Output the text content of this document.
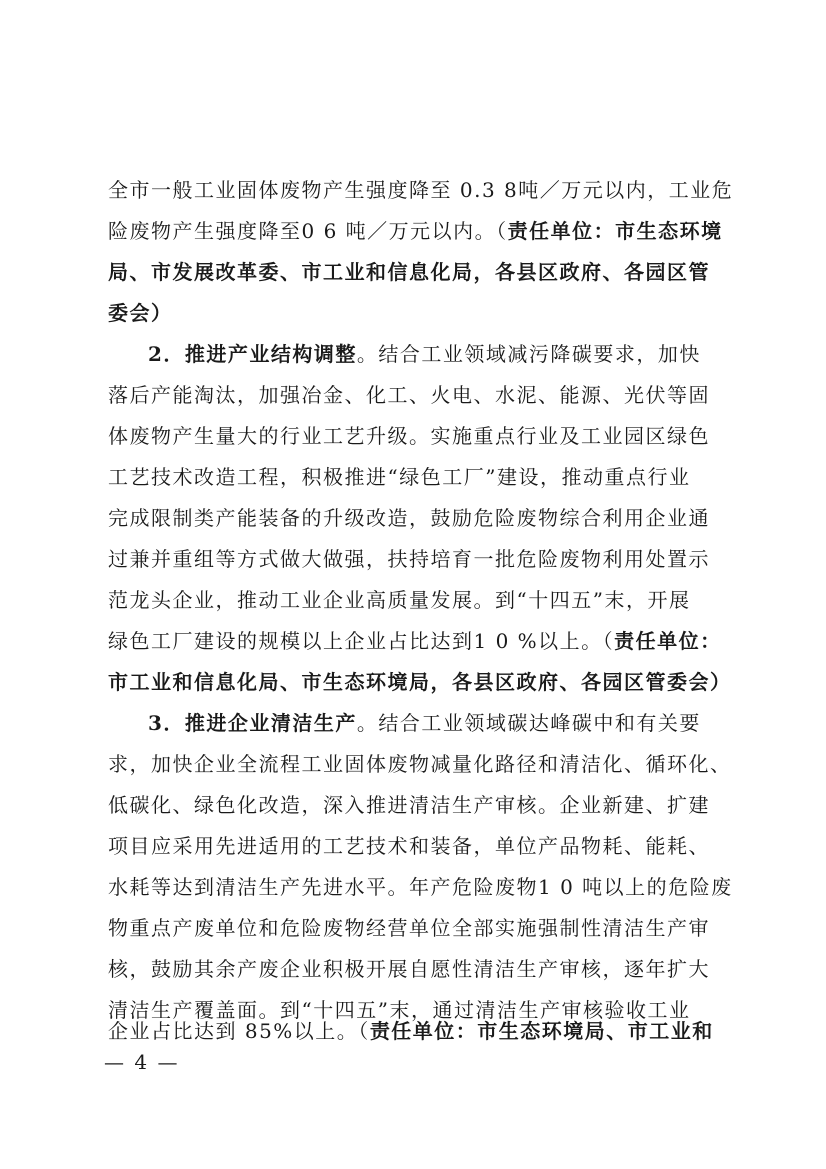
全市一般工业固体废物产生强度降至 0.3 8吨／万元以内，工业危
险废物产生强度降至0 6 吨／万元以内。（责任单位：市生态环境
局、市发展改革委、市工业和信息化局，各县区政府、各园区管
委会）
2．推进产业结构调整。结合工业领域减污降碳要求，加快
落后产能淘汰，加强冶金、化工、火电、水泥、能源、光伏等固
体废物产生量大的行业工艺升级。实施重点行业及工业园区绿色
工艺技术改造工程，积极推进“绿色工厂”建设，推动重点行业
完成限制类产能装备的升级改造，鼓励危险废物综合利用企业通
过兼并重组等方式做大做强，扶持培育一批危险废物利用处置示
范龙头企业，推动工业企业高质量发展。到“十四五”末，开展
绿色工厂建设的规模以上企业占比达到1 0 %以上。（责任单位：
市工业和信息化局、市生态环境局，各县区政府、各园区管委会）
3．推进企业清洁生产。结合工业领域碳达峰碳中和有关要
求，加快企业全流程工业固体废物减量化路径和清洁化、循环化、
低碳化、绿色化改造，深入推进清洁生产审核。企业新建、扩建
项目应采用先进适用的工艺技术和装备，单位产品物耗、能耗、
水耗等达到清洁生产先进水平。年产危险废物1 0 吨以上的危险废
物重点产废单位和危险废物经营单位全部实施强制性清洁生产审
核，鼓励其余产废企业积极开展自愿性清洁生产审核，逐年扩大
清洁生产覆盖面。到“十四五”末，通过清洁生产审核验收工业
企业占比达到 85%以上。（责任单位：市生态环境局、市工业和
— 4 —
